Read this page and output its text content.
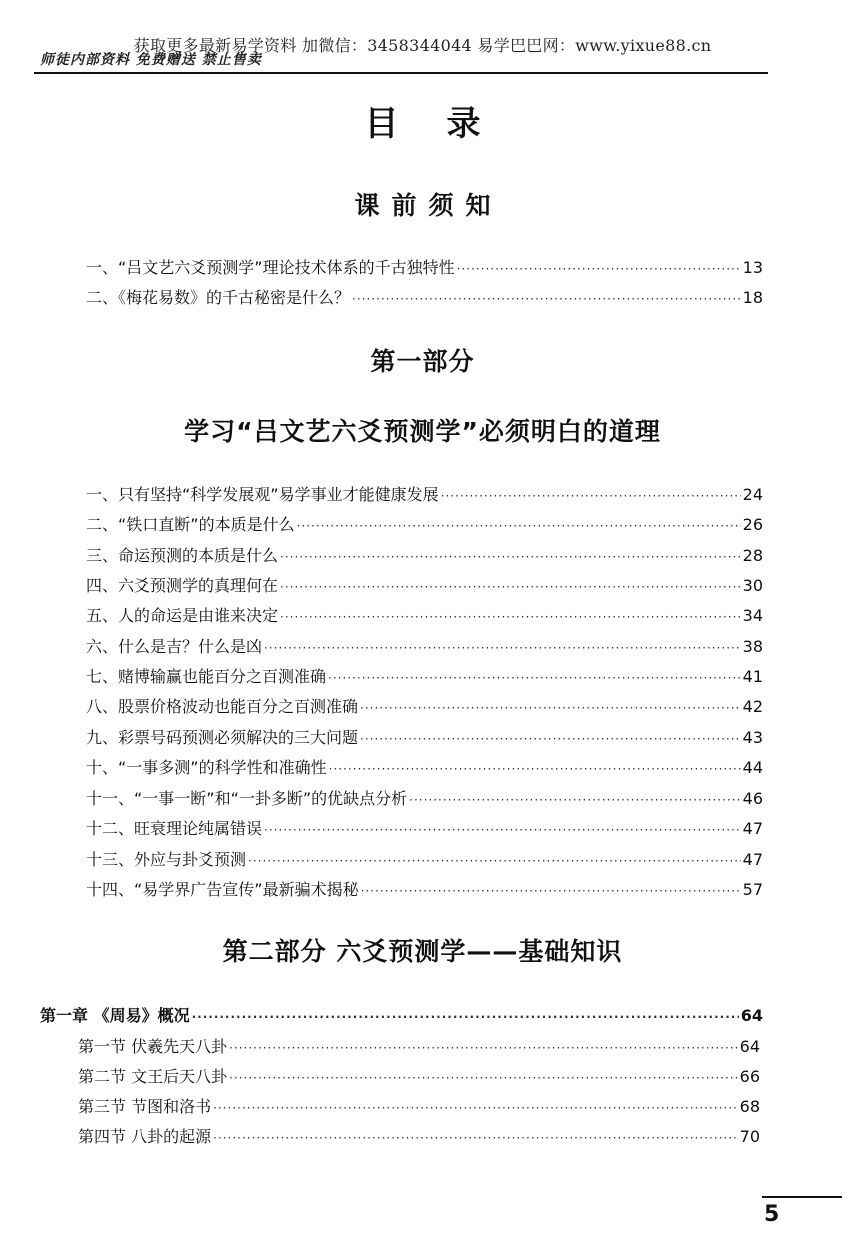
获取更多最新易学资料 加微信：3458344044 易学巴巴网：www.yixue88.cn
师徒内部资料 免费赠送 禁止售卖
目录
课前须知
第一部分
学习“吕文艺六爻预测学”必须明白的道理
第二部分 六爻预测学——基础知识
一、“吕文艺六爻预测学”理论技术体系的千古独特性 ·····	13
二、《梅花易数》的千古秘密是什么？ ·····	18
一、只有坚持“科学发展观”易学事业才能健康发展 ·····	24
二、“铁口直断”的本质是什么 ·····	26
三、命运预测的本质是什么 ·····	28
四、六爻预测学的真理何在 ·····	30
五、人的命运是由谁来决定 ·····	34
六、什么是吉？什么是凶 ·····	38
七、赌博输赢也能百分之百测准确 ·····	41
八、股票价格波动也能百分之百测准确 ·····	42
九、彩票号码预测必须解决的三大问题 ·····	43
十、“一事多测”的科学性和准确性 ·····	44
十一、“一事一断”和“一卦多断”的优缺点分析 ·····	46
十二、旺衰理论纯属错误 ·····	47
十三、外应与卦爻预测 ·····	47
十四、“易学界广告宣传”最新骗术揭秘 ·····	57
第一章 《周易》概况 ·····	64
第一节 伏羲先天八卦 ·····	64
第二节 文王后天八卦 ·····	66
第三节 节图和洛书 ·····	68
第四节 八卦的起源 ·····	70
5
